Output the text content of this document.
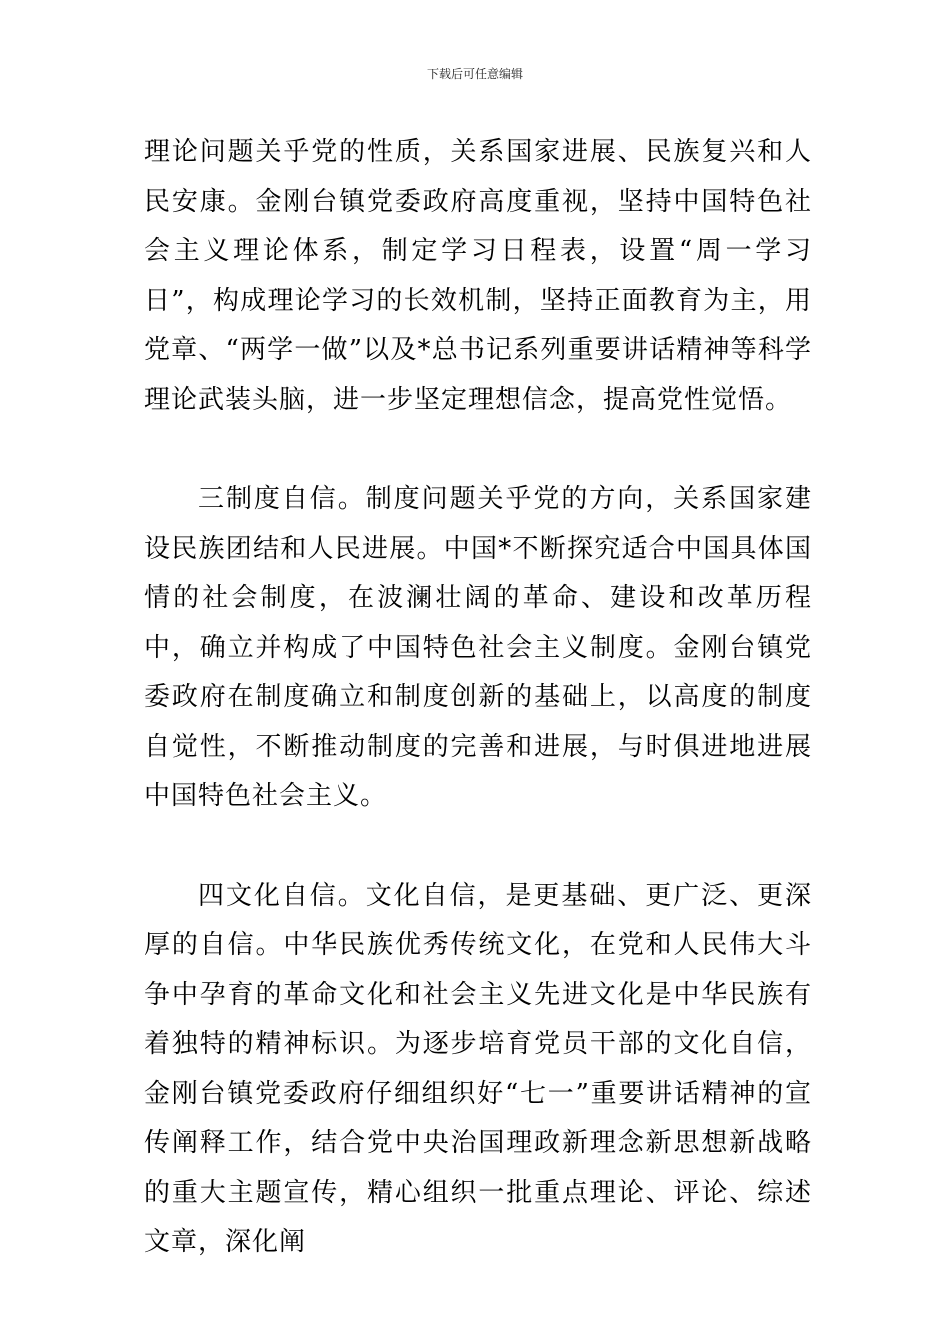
下载后可任意编辑

理论问题关乎党的性质，关系国家进展、民族复兴和人民安康。金刚台镇党委政府高度重视，坚持中国特色社会主义理论体系，制定学习日程表，设置“周一学习日”，构成理论学习的长效机制，坚持正面教育为主，用党章、“两学一做”以及*总书记系列重要讲话精神等科学理论武装头脑，进一步坚定理想信念，提高党性觉悟。

三制度自信。制度问题关乎党的方向，关系国家建设民族团结和人民进展。中国*不断探究适合中国具体国情的社会制度，在波澜壮阔的革命、建设和改革历程中，确立并构成了中国特色社会主义制度。金刚台镇党委政府在制度确立和制度创新的基础上，以高度的制度自觉性，不断推动制度的完善和进展，与时俱进地进展中国特色社会主义。

四文化自信。文化自信，是更基础、更广泛、更深厚的自信。中华民族优秀传统文化，在党和人民伟大斗争中孕育的革命文化和社会主义先进文化是中华民族有着独特的精神标识。为逐步培育党员干部的文化自信，金刚台镇党委政府仔细组织好“七一”重要讲话精神的宣传阐释工作，结合党中央治国理政新理念新思想新战略的重大主题宣传，精心组织一批重点理论、评论、综述文章，深化阐
